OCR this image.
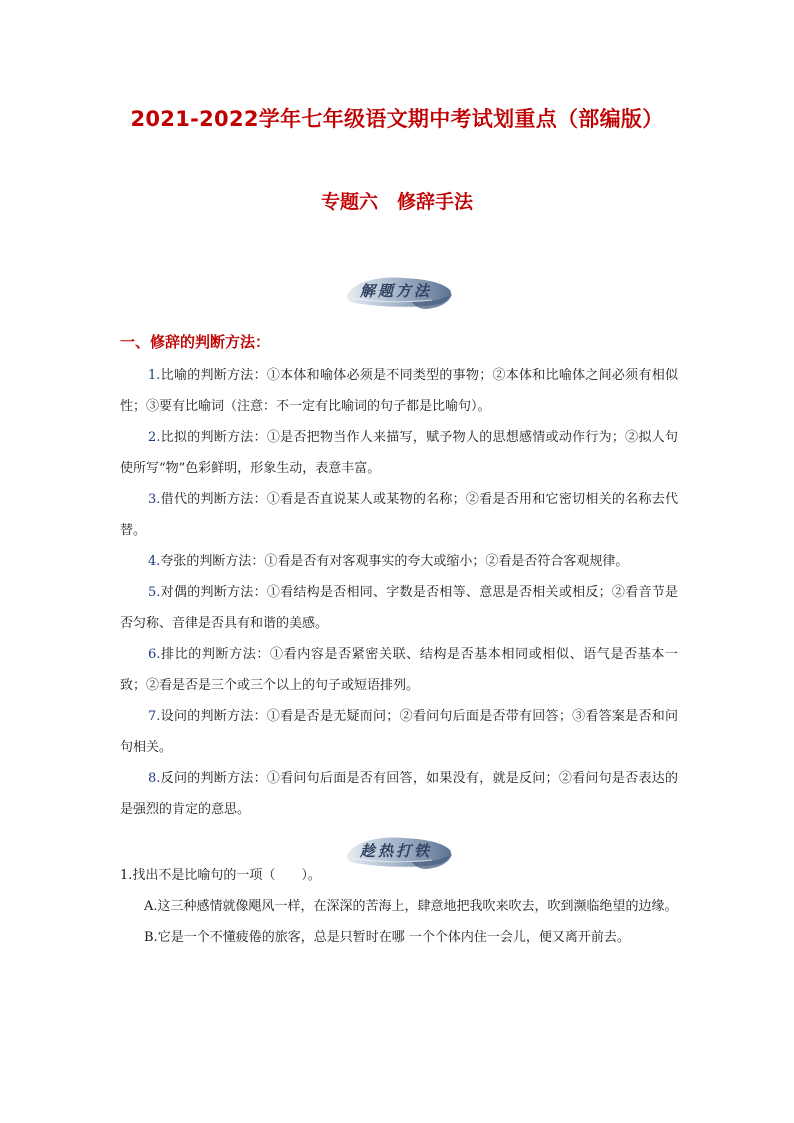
2021-2022学年七年级语文期中考试划重点（部编版）
专题六　修辞手法
解题方法
一、修辞的判断方法：

1.比喻的判断方法：①本体和喻体必须是不同类型的事物；②本体和比喻体之间必须有相似性；③要有比喻词（注意：不一定有比喻词的句子都是比喻句）。

2.比拟的判断方法：①是否把物当作人来描写，赋予物人的思想感情或动作行为；②拟人句使所写“物”色彩鲜明，形象生动，表意丰富。

3.借代的判断方法：①看是否直说某人或某物的名称；②看是否用和它密切相关的名称去代替。

4.夸张的判断方法：①看是否有对客观事实的夸大或缩小；②看是否符合客观规律。

5.对偶的判断方法：①看结构是否相同、字数是否相等、意思是否相关或相反；②看音节是否匀称、音律是否具有和谐的美感。

6.排比的判断方法：①看内容是否紧密关联、结构是否基本相同或相似、语气是否基本一致；②看是否是三个或三个以上的句子或短语排列。

7.设问的判断方法：①看是否是无疑而问；②看问句后面是否带有回答；③看答案是否和问句相关。

8.反问的判断方法：①看问句后面是否有回答，如果没有，就是反问；②看问句是否表达的是强烈的肯定的意思。

趁热打铁

1.找出不是比喻句的一项（　　）。

A.这三种感情就像飓风一样，在深深的苦海上，肆意地把我吹来吹去，吹到濒临绝望的边缘。

B.它是一个不懂疲倦的旅客，总是只暂时在哪 一个个体内住一会儿，便又离开前去。
